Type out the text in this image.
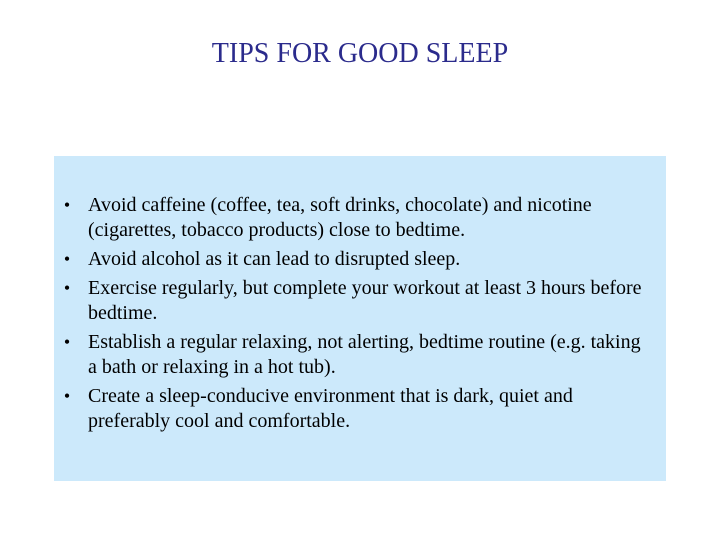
TIPS FOR GOOD SLEEP
• Avoid caffeine (coffee, tea, soft drinks, chocolate) and nicotine (cigarettes, tobacco products) close to bedtime.
• Avoid alcohol as it can lead to disrupted sleep.
• Exercise regularly, but complete your workout at least 3 hours before bedtime.
• Establish a regular relaxing, not alerting, bedtime routine (e.g. taking a bath or relaxing in a hot tub).
• Create a sleep-conducive environment that is dark, quiet and preferably cool and comfortable.
